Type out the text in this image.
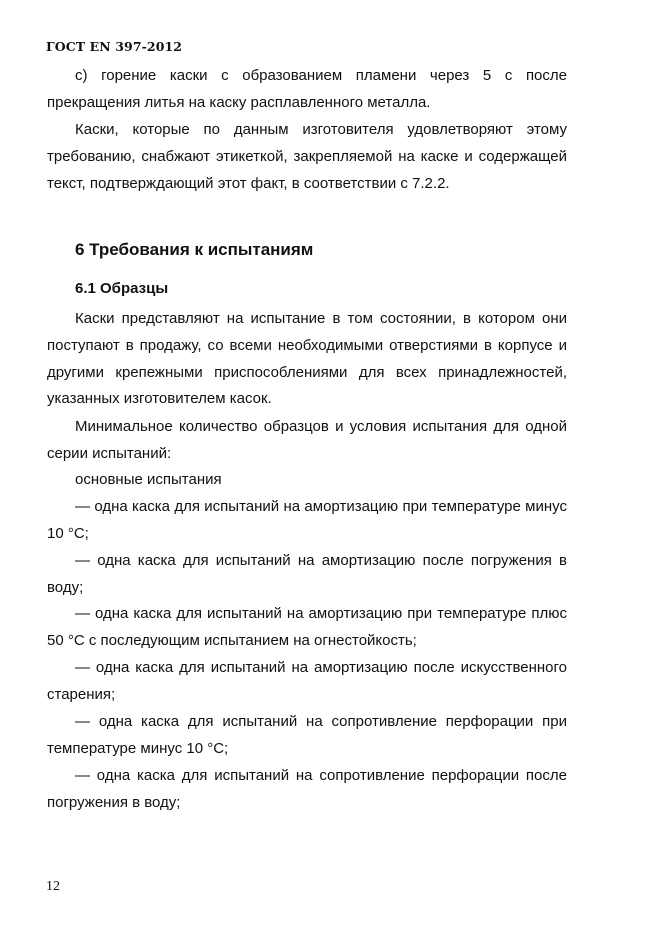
ГОСТ EN 397-2012

c) горение каски с образованием пламени через 5 с после прекращения литья на каску расплавленного металла.

Каски, которые по данным изготовителя удовлетворяют этому требованию, снабжают этикеткой, закрепляемой на каске и содержащей текст, подтверждающий этот факт, в соответствии с 7.2.2.

6 Требования к испытаниям
6.1 Образцы

Каски представляют на испытание в том состоянии, в котором они поступают в продажу, со всеми необходимыми отверстиями в корпусе и другими крепежными приспособлениями для всех принадлежностей, указанных изготовителем касок.

Минимальное количество образцов и условия испытания для одной серии испытаний:

основные испытания

— одна каска для испытаний на амортизацию при температуре минус 10 °C;

— одна каска для испытаний на амортизацию после погружения в воду;

— одна каска для испытаний на амортизацию при температуре плюс 50 °C с последующим испытанием на огнестойкость;

— одна каска для испытаний на амортизацию после искусственного старения;

— одна каска для испытаний на сопротивление перфорации при температуре минус 10 °C;

— одна каска для испытаний на сопротивление перфорации после погружения в воду;

12
